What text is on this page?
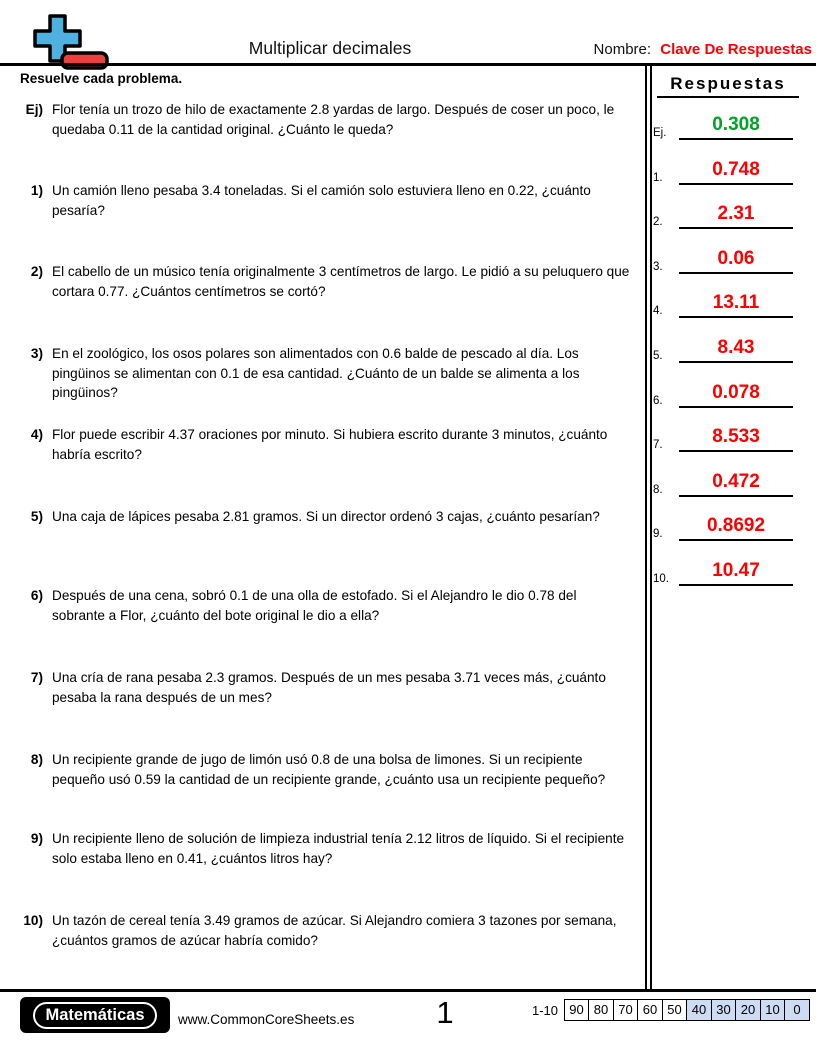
Multiplicar decimales	Nombre: Clave De Respuestas
Resuelve cada problema.
Ej) Flor tenía un trozo de hilo de exactamente 2.8 yardas de largo. Después de coser un poco, le quedaba 0.11 de la cantidad original. ¿Cuánto le queda?
1) Un camión lleno pesaba 3.4 toneladas. Si el camión solo estuviera lleno en 0.22, ¿cuánto pesaría?
2) El cabello de un músico tenía originalmente 3 centímetros de largo. Le pidió a su peluquero que cortara 0.77. ¿Cuántos centímetros se cortó?
3) En el zoológico, los osos polares son alimentados con 0.6 balde de pescado al día. Los pingüinos se alimentan con 0.1 de esa cantidad. ¿Cuánto de un balde se alimenta a los pingüinos?
4) Flor puede escribir 4.37 oraciones por minuto. Si hubiera escrito durante 3 minutos, ¿cuánto habría escrito?
5) Una caja de lápices pesaba 2.81 gramos. Si un director ordenó 3 cajas, ¿cuánto pesarían?
6) Después de una cena, sobró 0.1 de una olla de estofado. Si el Alejandro le dio 0.78 del sobrante a Flor, ¿cuánto del bote original le dio a ella?
7) Una cría de rana pesaba 2.3 gramos. Después de un mes pesaba 3.71 veces más, ¿cuánto pesaba la rana después de un mes?
8) Un recipiente grande de jugo de limón usó 0.8 de una bolsa de limones. Si un recipiente pequeño usó 0.59 la cantidad de un recipiente grande, ¿cuánto usa un recipiente pequeño?
9) Un recipiente lleno de solución de limpieza industrial tenía 2.12 litros de líquido. Si el recipiente solo estaba lleno en 0.41, ¿cuántos litros hay?
10) Un tazón de cereal tenía 3.49 gramos de azúcar. Si Alejandro comiera 3 tazones por semana, ¿cuántos gramos de azúcar habría comido?
Respuestas
Ej.	0.308
1.	0.748
2.	2.31
3.	0.06
4.	13.11
5.	8.43
6.	0.078
7.	8.533
8.	0.472
9.	0.8692
10.	10.47
Matemáticas	www.CommonCoreSheets.es	1	1-10 90 80 70 60 50 40 30 20 10	0
